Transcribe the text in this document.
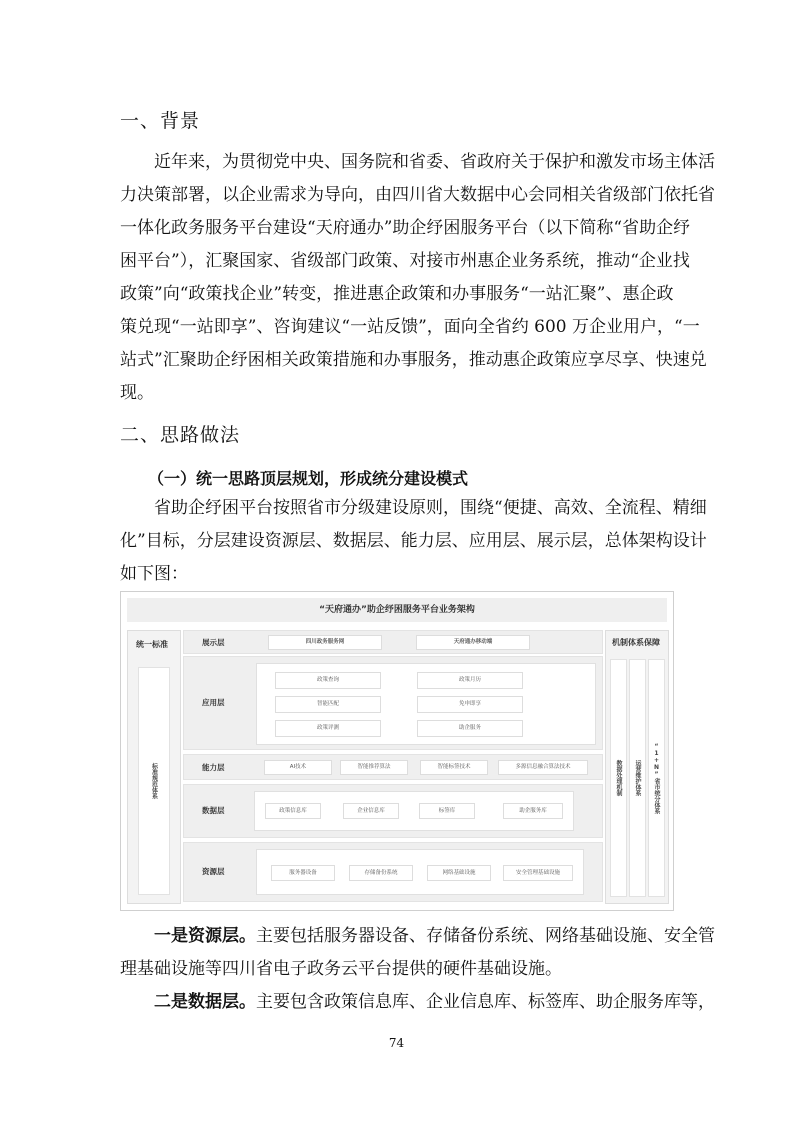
一、背景
近年来，为贯彻党中央、国务院和省委、省政府关于保护和激发市场主体活
力决策部署，以企业需求为导向，由四川省大数据中心会同相关省级部门依托省
一体化政务服务平台建设“天府通办”助企纾困服务平台（以下简称“省助企纾
困平台”），汇聚国家、省级部门政策、对接市州惠企业务系统，推动“企业找
政策”向“政策找企业”转变，推进惠企政策和办事服务“一站汇聚”、惠企政
策兑现“一站即享”、咨询建议“一站反馈”，面向全省约 600 万企业用户，“一
站式”汇聚助企纾困相关政策措施和办事服务，推动惠企政策应享尽享、快速兑
现。
二、思路做法
（一）统一思路顶层规划，形成统分建设模式
省助企纾困平台按照省市分级建设原则，围绕“便捷、高效、全流程、精细
化”目标，分层建设资源层、数据层、能力层、应用层、展示层，总体架构设计
如下图：
“天府通办”助企纾困服务平台业务架构
统一标准
标准规范体系
机制体系保障
数据处理机制	运营维护体系	“1+N”省市统分体系
展示层	四川政务服务网	天府通办移动端
应用层
政策查询	政策月历
智能匹配	免申即享
政策评测	助企服务
能力层	AI技术	智能推荐算法	智能标签技术	多源信息融合算法技术
数据层	政策信息库	企业信息库	标签库	助企服务库
资源层	服务器设备	存储备份系统	网络基础设施	安全管理基础设施
一是资源层。主要包括服务器设备、存储备份系统、网络基础设施、安全管
理基础设施等四川省电子政务云平台提供的硬件基础设施。
二是数据层。主要包含政策信息库、企业信息库、标签库、助企服务库等，
74
